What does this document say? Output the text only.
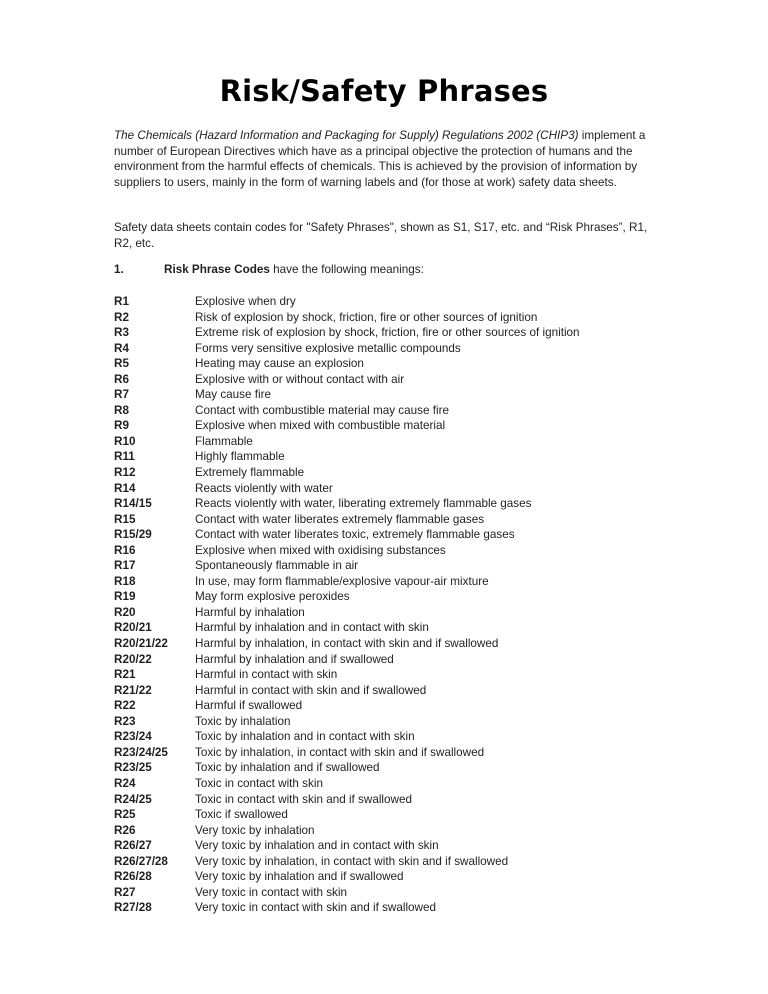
Risk/Safety Phrases

The Chemicals (Hazard Information and Packaging for Supply) Regulations 2002 (CHIP3) implement a number of European Directives which have as a principal objective the protection of humans and the environment from the harmful effects of chemicals. This is achieved by the provision of information by suppliers to users, mainly in the form of warning labels and (for those at work) safety data sheets.

Safety data sheets contain codes for "Safety Phrases", shown as S1, S17, etc. and “Risk Phrases”, R1, R2, etc.

1.	Risk Phrase Codes have the following meanings:
R1	Explosive when dry
R2	Risk of explosion by shock, friction, fire or other sources of ignition
R3	Extreme risk of explosion by shock, friction, fire or other sources of ignition
R4	Forms very sensitive explosive metallic compounds
R5	Heating may cause an explosion
R6	Explosive with or without contact with air
R7	May cause fire
R8	Contact with combustible material may cause fire
R9	Explosive when mixed with combustible material
R10	Flammable
R11	Highly flammable
R12	Extremely flammable
R14	Reacts violently with water
R14/15	Reacts violently with water, liberating extremely flammable gases
R15	Contact with water liberates extremely flammable gases
R15/29	Contact with water liberates toxic, extremely flammable gases
R16	Explosive when mixed with oxidising substances
R17	Spontaneously flammable in air
R18	In use, may form flammable/explosive vapour-air mixture
R19	May form explosive peroxides
R20	Harmful by inhalation
R20/21	Harmful by inhalation and in contact with skin
R20/21/22	Harmful by inhalation, in contact with skin and if swallowed
R20/22	Harmful by inhalation and if swallowed
R21	Harmful in contact with skin
R21/22	Harmful in contact with skin and if swallowed
R22	Harmful if swallowed
R23	Toxic by inhalation
R23/24	Toxic by inhalation and in contact with skin
R23/24/25	Toxic by inhalation, in contact with skin and if swallowed
R23/25	Toxic by inhalation and if swallowed
R24	Toxic in contact with skin
R24/25	Toxic in contact with skin and if swallowed
R25	Toxic if swallowed
R26	Very toxic by inhalation
R26/27	Very toxic by inhalation and in contact with skin
R26/27/28	Very toxic by inhalation, in contact with skin and if swallowed
R26/28	Very toxic by inhalation and if swallowed
R27	Very toxic in contact with skin
R27/28	Very toxic in contact with skin and if swallowed
